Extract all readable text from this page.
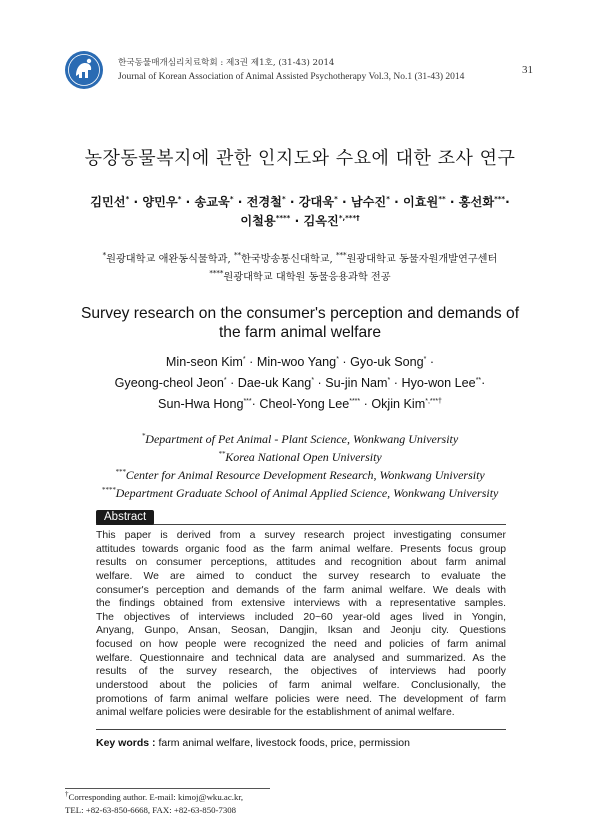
한국동물매개심리치료학회 : 제3권 제1호, (31-43) 2014
Journal of Korean Association of Animal Assisted Psychotherapy Vol.3, No.1 (31-43) 2014
31
농장동물복지에 관한 인지도와 수요에 대한 조사 연구
김민선* · 양민우* · 송교욱* · 전경철* · 강대욱* · 남수진* · 이효원** · 홍선화***·
이철용**** · 김옥진*,***†
*원광대학교 애완동식물학과, **한국방송통신대학교, ***원광대학교 동물자원개발연구센터
****원광대학교 대학원 동물응용과학 전공
Survey research on the consumer's perception and demands of
the farm animal welfare
Min-seon Kim* · Min-woo Yang* · Gyo-uk Song* ·
Gyeong-cheol Jeon* · Dae-uk Kang* · Su-jin Nam* · Hyo-won Lee**·
Sun-Hwa Hong***· Cheol-Yong Lee**** · Okjin Kim*,***†
*Department of Pet Animal - Plant Science, Wonkwang University
**Korea National Open University
***Center for Animal Resource Development Research, Wonkwang University
****Department Graduate School of Animal Applied Science, Wonkwang University
Abstract
This paper is derived from a survey research project investigating consumer
attitudes towards organic food as the farm animal welfare. Presents focus group
results on consumer perceptions, attitudes and recognition about farm animal
welfare. We are aimed to conduct the survey research to evaluate the
consumer's perception and demands of the farm animal welfare. We deals with
the findings obtained from extensive interviews with a representative samples.
The objectives of interviews included 20~60 year-old ages lived in Yongin,
Anyang, Gunpo, Ansan, Seosan, Dangjin, Iksan and Jeonju city. Questions
focused on how people were recognized the need and policies of farm animal
welfare. Questionnaire and technical data are analysed and summarized. As the
results of the survey research, the objectives of interviews had poorly
understood about the policies of farm animal welfare. Conclusionally, the
promotions of farm animal welfare policies were need. The development of farm
animal welfare policies were desirable for the establishment of animal welfare.
Key words : farm animal welfare, livestock foods, price, permission
†Corresponding author. E-mail: kimoj@wku.ac.kr,
TEL: +82-63-850-6668, FAX: +82-63-850-7308
